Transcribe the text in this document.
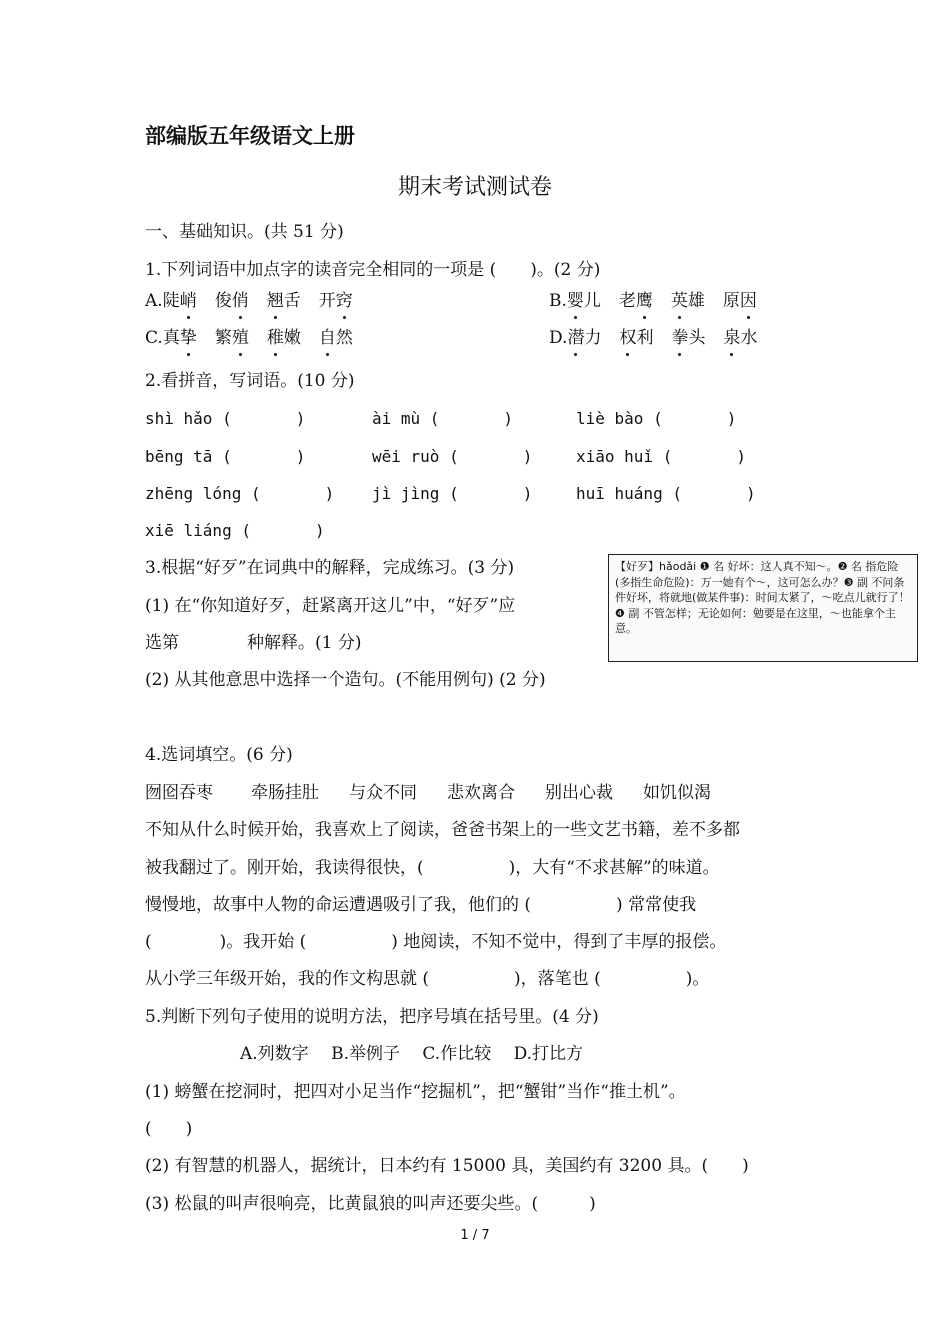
部编版五年级语文上册
期末考试测试卷
一、基础知识。(共 51 分)
1.下列词语中加点字的读音完全相同的一项是 (　　)。(2 分)
A.陡峭 俊俏 翘舌 开窍	B.婴儿 老鹰 英雄 原因
C.真挚 繁殖 稚嫩 自然	D.潜力 权利 拳头 泉水
2.看拼音，写词语。(10 分)
shì hǎo (　　　　)	ài mù (　　　　)	liè bào (　　　　)
bēng tā (　　　　)	wēi ruò (　　　　)	xiāo huǐ (　　　　)
zhēng lóng (　　　　) jì jìng (　　　　)	huī huáng (　　　　)
xiē liáng (　　　　)
3.根据“好歹”在词典中的解释，完成练习。(3 分)
(1) 在“你知道好歹，赶紧离开这儿”中，“好歹”应
选第　　　　种解释。(1 分)
(2) 从其他意思中选择一个造句。(不能用例句) (2 分)
【好歹】hǎodǎi ❶ 名 好坏：这人真不知～。❷ 名 指危险(多指生命危险)：万一她有个～，这可怎么办？❸ 副 不问条件好坏，将就地(做某件事)：时间太紧了，～吃点儿就行了！❹ 副 不管怎样；无论如何：勉要是在这里，～也能拿个主意。
4.选词填空。(6 分)
囫囵吞枣 牵肠挂肚 与众不同 悲欢离合 别出心裁 如饥似渴
不知从什么时候开始，我喜欢上了阅读，爸爸书架上的一些文艺书籍，差不多都
被我翻过了。刚开始，我读得很快，(　　　　　)，大有“不求甚解”的味道。
慢慢地，故事中人物的命运遭遇吸引了我，他们的 (　　　　　) 常常使我
(　　　　)。我开始 (　　　　　) 地阅读，不知不觉中，得到了丰厚的报偿。
从小学三年级开始，我的作文构思就 (　　　　　)，落笔也 (　　　　　)。
5.判断下列句子使用的说明方法，把序号填在括号里。(4 分)
A.列数字　 B.举例子　 C.作比较　 D.打比方
(1) 螃蟹在挖洞时，把四对小足当作“挖掘机”，把“蟹钳”当作“推土机”。
(　　)
(2) 有智慧的机器人，据统计，日本约有 15000 具，美国约有 3200 具。(　　)
(3) 松鼠的叫声很响亮，比黄鼠狼的叫声还要尖些。(　　　)
1 / 7
